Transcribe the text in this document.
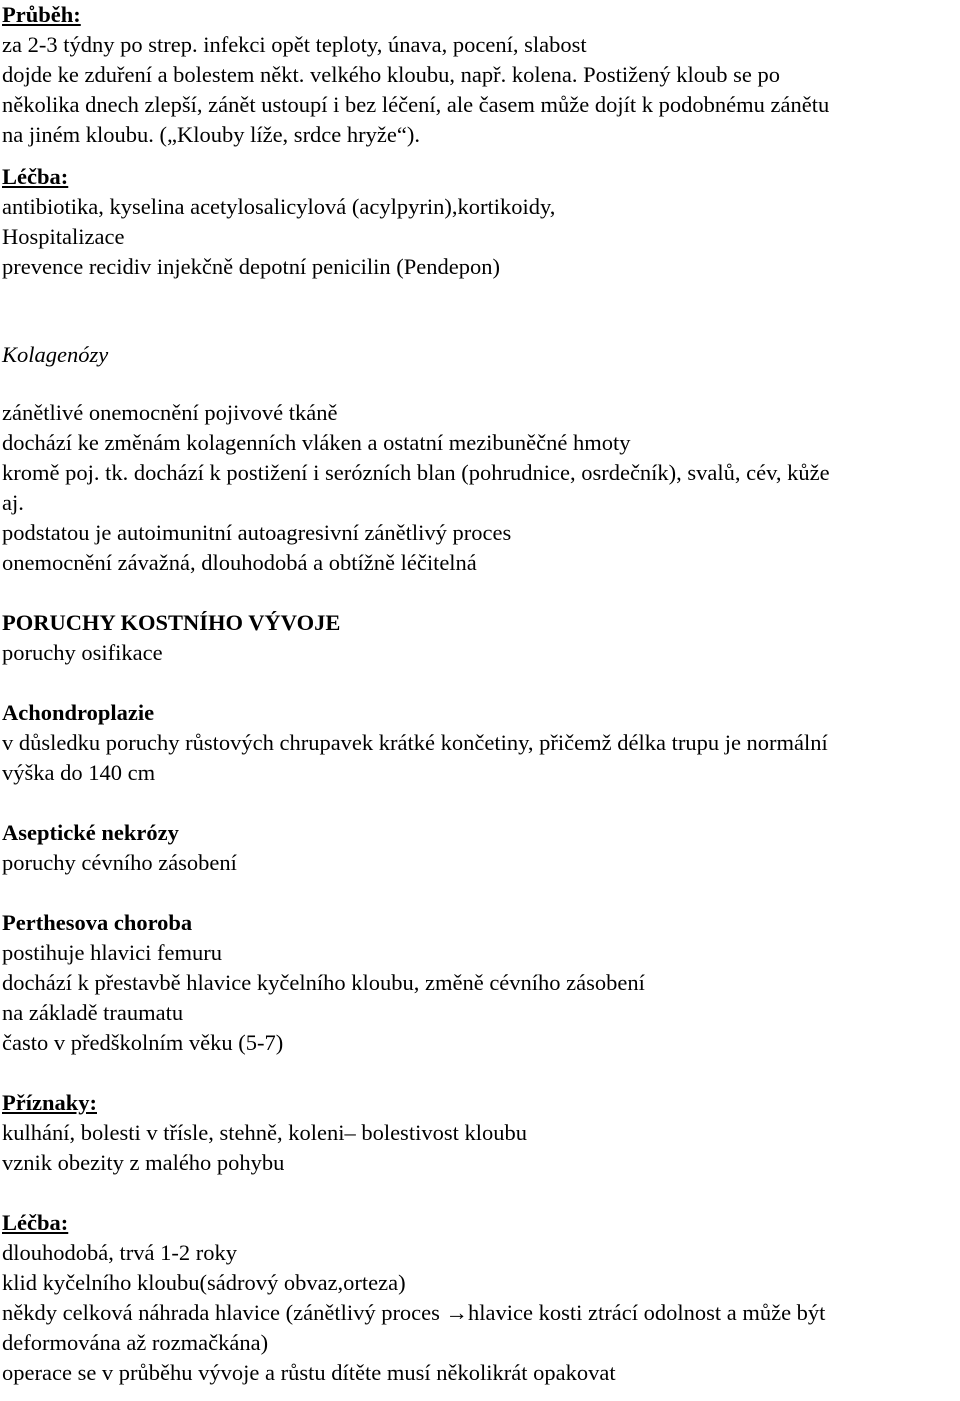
Průběh:
za 2-3 týdny po strep. infekci opět teploty, únava, pocení, slabost
dojde ke zduření a bolestem někt. velkého kloubu, např. kolena. Postižený kloub se po
několika dnech zlepší, zánět ustoupí i bez léčení, ale časem může dojít k podobnému zánětu
na jiném kloubu. („Klouby líže, srdce hryže“).
Léčba:
antibiotika, kyselina acetylosalicylová (acylpyrin),kortikoidy,
Hospitalizace
prevence recidiv injekčně depotní penicilin (Pendepon)
Kolagenózy
zánětlivé onemocnění pojivové tkáně
dochází ke změnám kolagenních vláken a ostatní mezibuněčné hmoty
kromě poj. tk. dochází k postižení i serózních blan (pohrudnice, osrdečník), svalů, cév, kůže
aj.
podstatou je autoimunitní autoagresivní zánětlivý proces
onemocnění závažná, dlouhodobá a obtížně léčitelná
PORUCHY KOSTNÍHO VÝVOJE
poruchy osifikace
Achondroplazie
v důsledku poruchy růstových chrupavek krátké končetiny, přičemž délka trupu je normální
výška do 140 cm
Aseptické nekrózy
poruchy cévního zásobení
Perthesova choroba
postihuje hlavici femuru
dochází k přestavbě hlavice kyčelního kloubu, změně cévního zásobení
na základě traumatu
často v předškolním věku (5-7)
Příznaky:
kulhání, bolesti v třísle, stehně, koleni– bolestivost kloubu
vznik obezity z malého pohybu
Léčba:
dlouhodobá, trvá 1-2 roky
klid kyčelního kloubu(sádrový obvaz,orteza)
někdy celková náhrada hlavice (zánětlivý proces →hlavice kosti ztrácí odolnost a může být
deformována až rozmačkána)
operace se v průběhu vývoje a růstu dítěte musí několikrát opakovat
